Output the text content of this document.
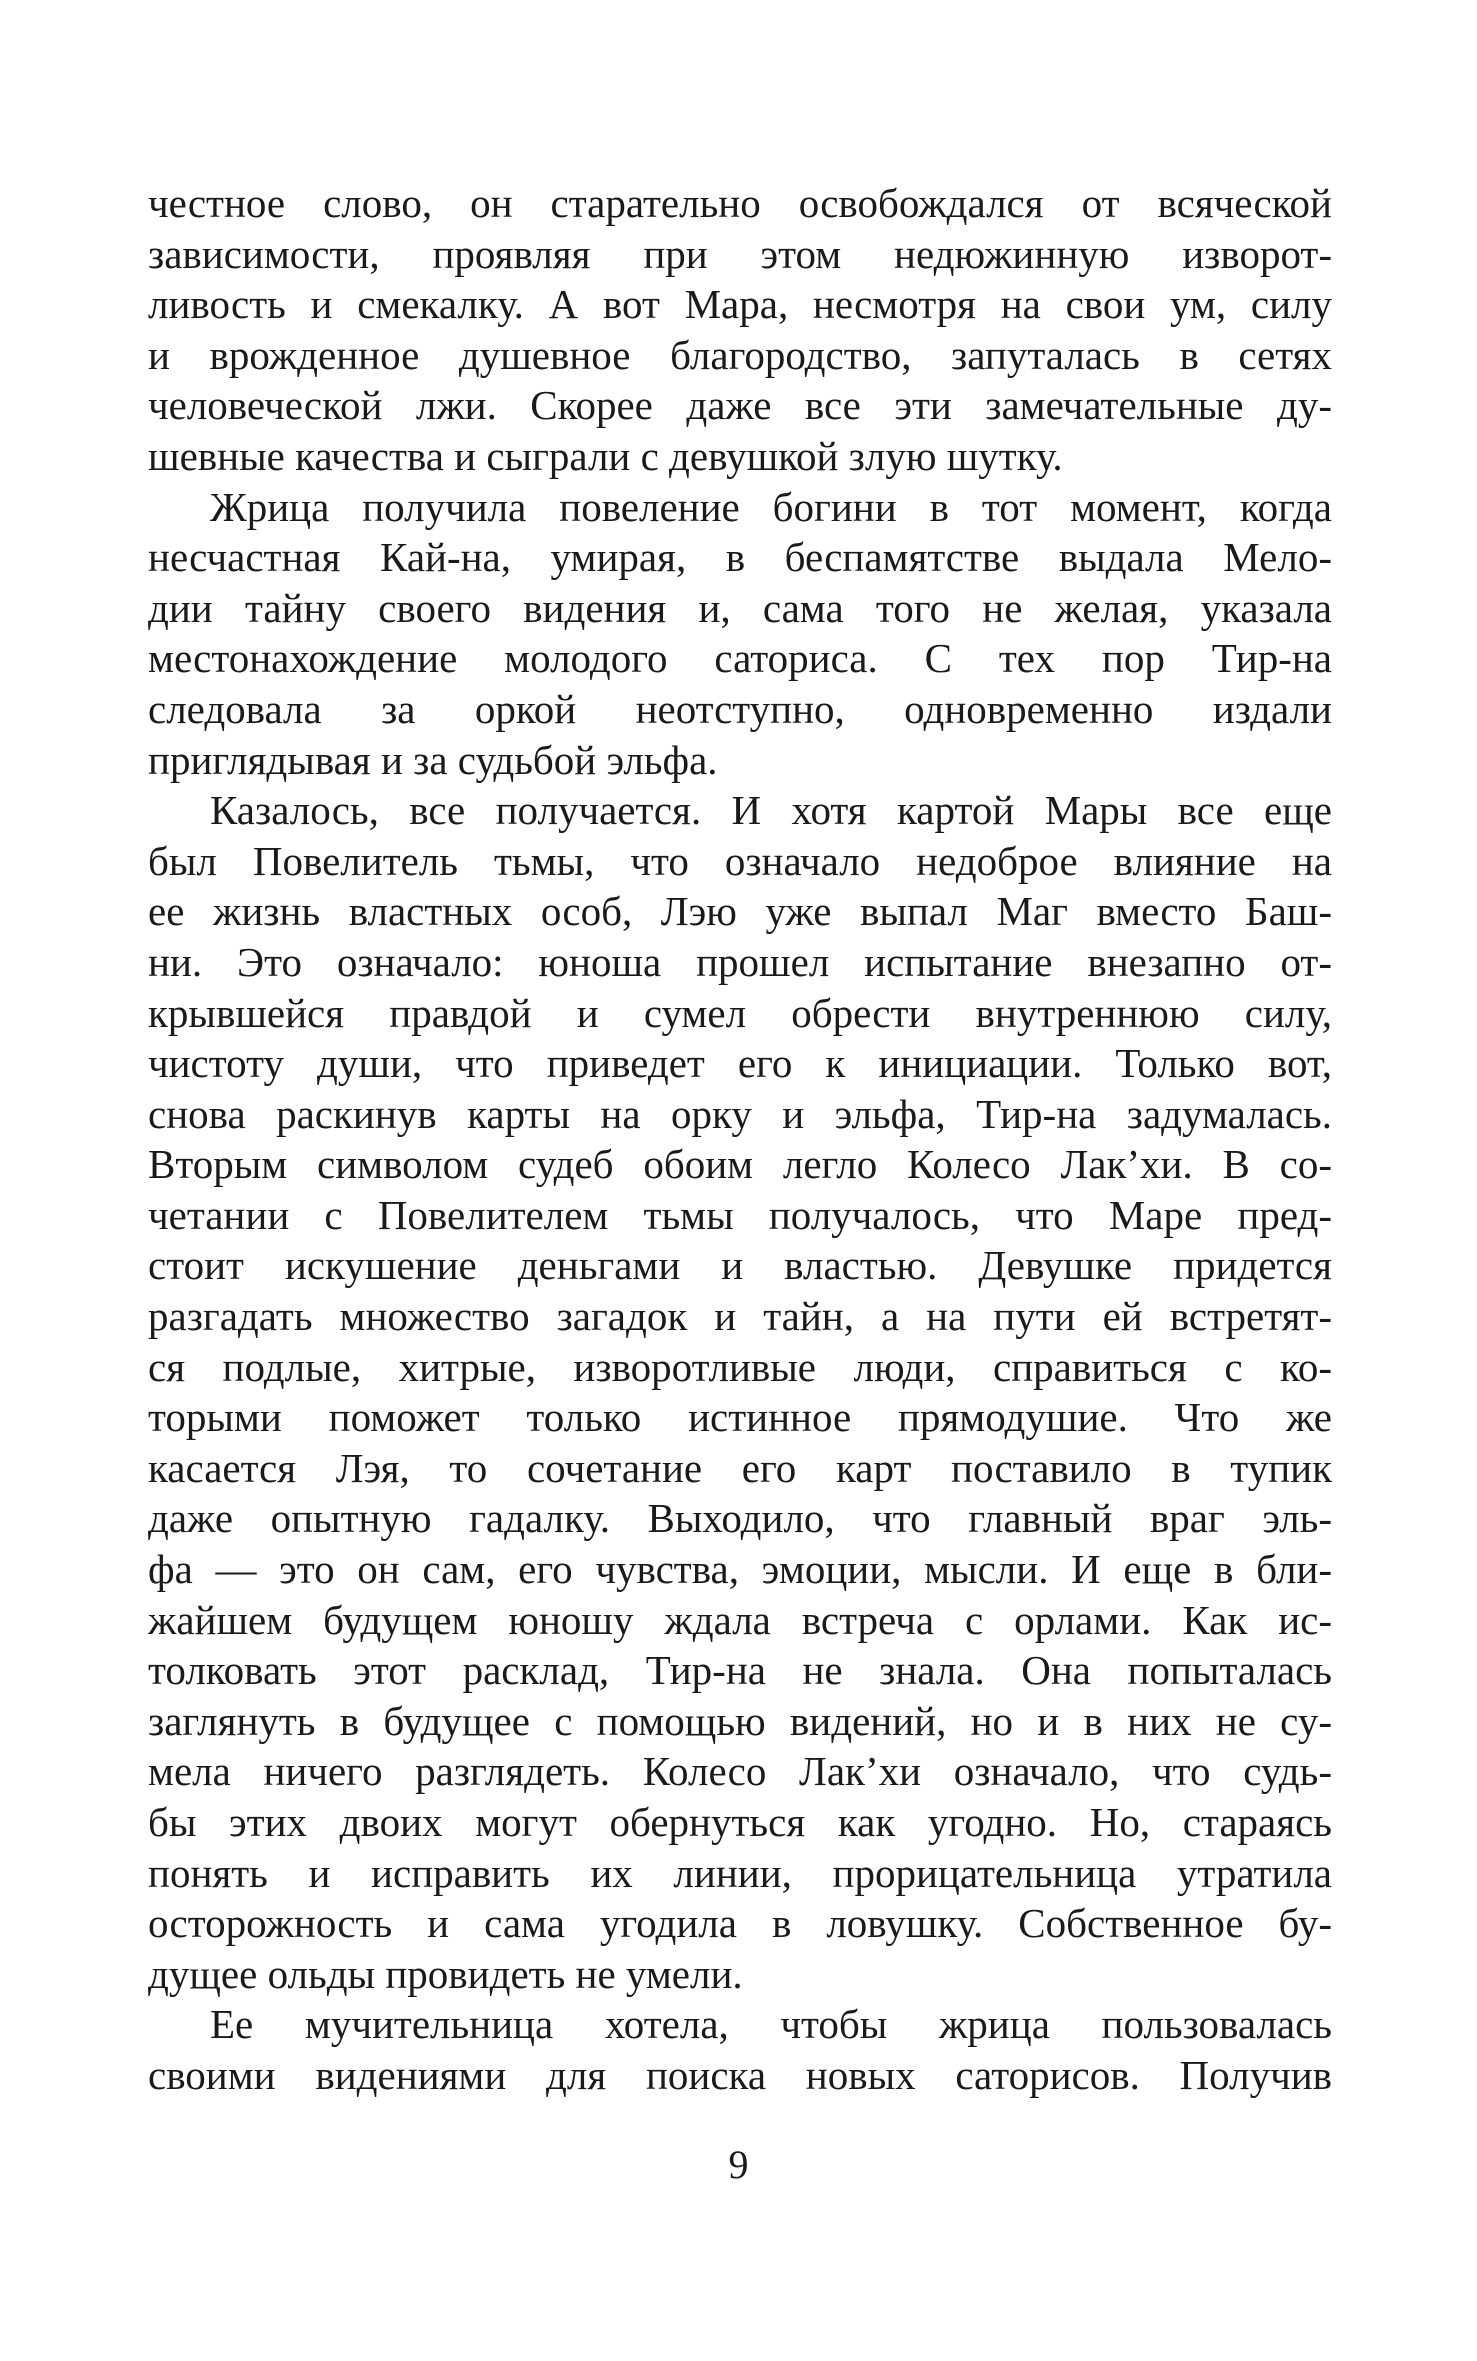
честное слово, он старательно освобождался от всяческой
зависимости, проявляя при этом недюжинную изворот-
ливость и смекалку. А вот Мара, несмотря на свои ум, силу
и врожденное душевное благородство, запуталась в сетях
человеческой лжи. Скорее даже все эти замечательные ду-
шевные качества и сыграли с девушкой злую шутку.
Жрица получила повеление богини в тот момент, когда
несчастная Кай-на, умирая, в беспамятстве выдала Мело-
дии тайну своего видения и, сама того не желая, указала
местонахождение молодого саториса. С тех пор Тир-на
следовала за оркой неотступно, одновременно издали
приглядывая и за судьбой эльфа.
Казалось, все получается. И хотя картой Мары все еще
был Повелитель тьмы, что означало недоброе влияние на
ее жизнь властных особ, Лэю уже выпал Маг вместо Баш-
ни. Это означало: юноша прошел испытание внезапно от-
крывшейся правдой и сумел обрести внутреннюю силу,
чистоту души, что приведет его к инициации. Только вот,
снова раскинув карты на орку и эльфа, Тир-на задумалась.
Вторым символом судеб обоим легло Колесо Лак’хи. В со-
четании с Повелителем тьмы получалось, что Маре пред-
стоит искушение деньгами и властью. Девушке придется
разгадать множество загадок и тайн, а на пути ей встретят-
ся подлые, хитрые, изворотливые люди, справиться с ко-
торыми поможет только истинное прямодушие. Что же
касается Лэя, то сочетание его карт поставило в тупик
даже опытную гадалку. Выходило, что главный враг эль-
фа — это он сам, его чувства, эмоции, мысли. И еще в бли-
жайшем будущем юношу ждала встреча с орлами. Как ис-
толковать этот расклад, Тир-на не знала. Она попыталась
заглянуть в будущее с помощью видений, но и в них не су-
мела ничего разглядеть. Колесо Лак’хи означало, что судь-
бы этих двоих могут обернуться как угодно. Но, стараясь
понять и исправить их линии, прорицательница утратила
осторожность и сама угодила в ловушку. Собственное бу-
дущее ольды провидеть не умели.
Ее мучительница хотела, чтобы жрица пользовалась
своими видениями для поиска новых саторисов. Получив
9
